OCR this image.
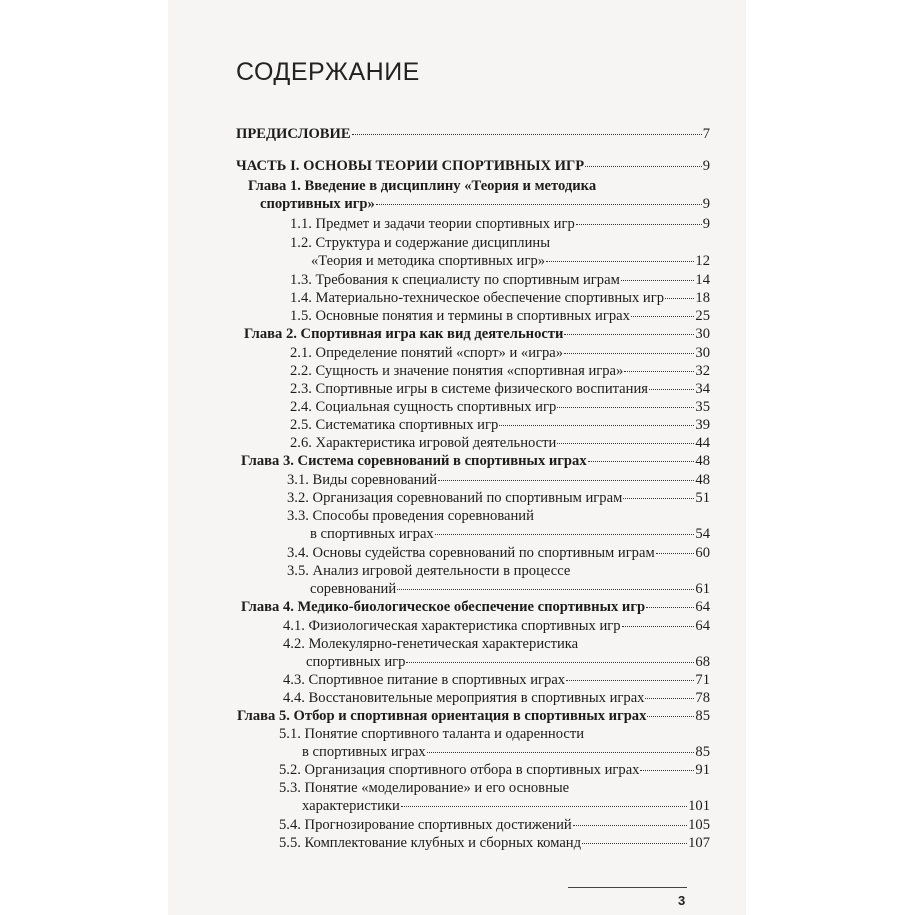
СОДЕРЖАНИЕ
ПРЕДИСЛОВИЕ	7
ЧАСТЬ I. ОСНОВЫ ТЕОРИИ СПОРТИВНЫХ ИГР	9
Глава 1. Введение в дисциплину «Теория и методика
спортивных игр»	9
1.1. Предмет и задачи теории спортивных игр	9
1.2. Структура и содержание дисциплины
«Теория и методика спортивных игр»	12
1.3. Требования к специалисту по спортивным играм	14
1.4. Материально-техническое обеспечение спортивных игр 18
1.5. Основные понятия и термины в спортивных играх	25
Глава 2. Спортивная игра как вид деятельности	30
2.1. Определение понятий «спорт» и «игра»	30
2.2. Сущность и значение понятия «спортивная игра»	32
2.3. Спортивные игры в системе физического воспитания	34
2.4. Социальная сущность спортивных игр	35
2.5. Систематика спортивных игр	39
2.6. Характеристика игровой деятельности	44
Глава 3. Система соревнований в спортивных играх	48
3.1. Виды соревнований	48
3.2. Организация соревнований по спортивным играм	51
3.3. Способы проведения соревнований
в спортивных играх	54
3.4. Основы судейства соревнований по спортивным играм	60
3.5. Анализ игровой деятельности в процессе
соревнований	61
Глава 4. Медико-биологическое обеспечение спортивных игр	64
4.1. Физиологическая характеристика спортивных игр	64
4.2. Молекулярно-генетическая характеристика
спортивных игр	68
4.3. Спортивное питание в спортивных играх	71
4.4. Восстановительные мероприятия в спортивных играх	78
Глава 5. Отбор и спортивная ориентация в спортивных играх	85
5.1. Понятие спортивного таланта и одаренности
в спортивных играх	85
5.2. Организация спортивного отбора в спортивных играх	91
5.3. Понятие «моделирование» и его основные
характеристики	101
5.4. Прогнозирование спортивных достижений	105
5.5. Комплектование клубных и сборных команд	107
3
